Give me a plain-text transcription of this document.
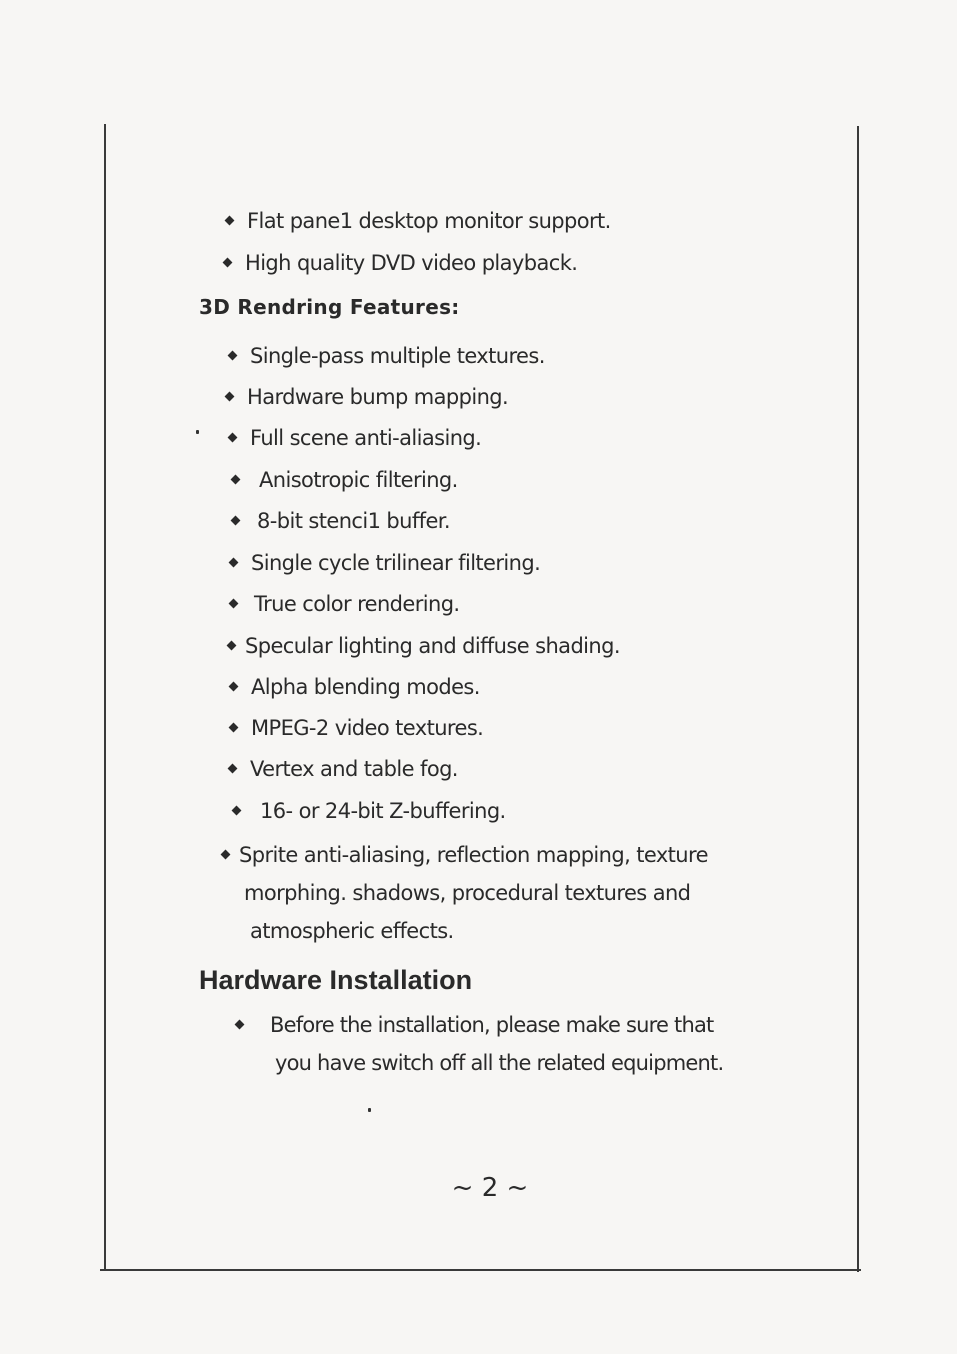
Flat pane1 desktop monitor support.
High quality DVD video playback.
3D Rendring Features:
Single-pass multiple textures.
Hardware bump mapping.
Full scene anti-aliasing.
Anisotropic filtering.
8-bit stenci1 buffer.
Single cycle trilinear filtering.
True color rendering.
Specular lighting and diffuse shading.
Alpha blending modes.
MPEG-2 video textures.
Vertex and table fog.
16- or 24-bit Z-buffering.
Sprite anti-aliasing, reflection mapping, texture
morphing. shadows, procedural textures and
atmospheric effects.
Hardware Installation
Before the installation, please make sure that
you have switch off all the related equipment.
~ 2 ~
